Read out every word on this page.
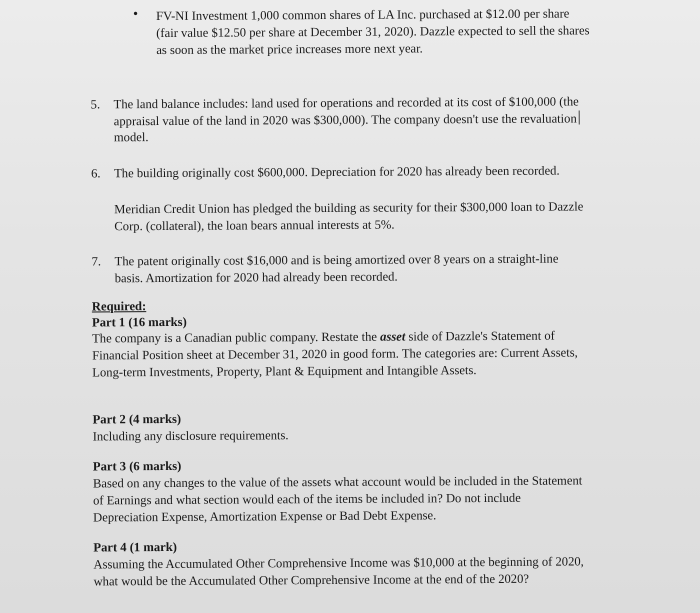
• FV-NI Investment 1,000 common shares of LA Inc. purchased at $12.00 per share
(fair value $12.50 per share at December 31, 2020). Dazzle expected to sell the shares
as soon as the market price increases more next year.
5. The land balance includes: land used for operations and recorded at its cost of $100,000 (the
appraisal value of the land in 2020 was $300,000). The company doesn't use the revaluation
model.
6. The building originally cost $600,000. Depreciation for 2020 has already been recorded.
Meridian Credit Union has pledged the building as security for their $300,000 loan to Dazzle
Corp. (collateral), the loan bears annual interests at 5%.
7. The patent originally cost $16,000 and is being amortized over 8 years on a straight-line
basis. Amortization for 2020 had already been recorded.
Required:
Part 1 (16 marks)
The company is a Canadian public company. Restate the asset side of Dazzle's Statement of
Financial Position sheet at December 31, 2020 in good form. The categories are: Current Assets,
Long-term Investments, Property, Plant & Equipment and Intangible Assets.
Part 2 (4 marks)
Including any disclosure requirements.
Part 3 (6 marks)
Based on any changes to the value of the assets what account would be included in the Statement
of Earnings and what section would each of the items be included in? Do not include
Depreciation Expense, Amortization Expense or Bad Debt Expense.
Part 4 (1 mark)
Assuming the Accumulated Other Comprehensive Income was $10,000 at the beginning of 2020,
what would be the Accumulated Other Comprehensive Income at the end of the 2020?
